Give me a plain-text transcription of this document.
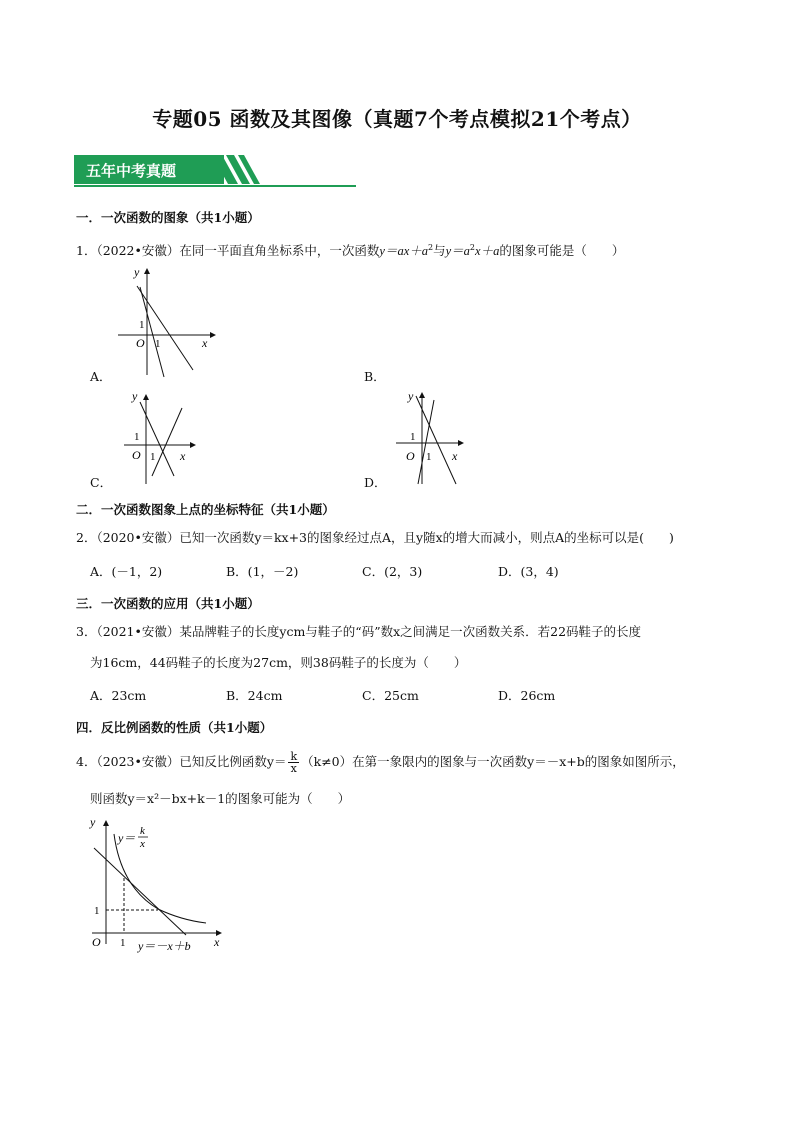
专题05 函数及其图像（真题7个考点模拟21个考点）
五年中考真题
一．一次函数的图象（共1小题）
1．（2022•安徽）在同一平面直角坐标系中，一次函数$y=ax+a^2$与$y=a^2x+a$的图象可能是（　　）
y
x
O
1
1
A．	B．
y
x
O
1
1
C．
y
x
O
1
1
D．
二．一次函数图象上点的坐标特征（共1小题）
2．（2020•安徽）已知一次函数y＝kx+3的图象经过点A，且y随x的增大而减小，则点A的坐标可以是(　　)
A．(－1，2)	B．(1，－2)	C．(2，3)	D．(3，4)
三．一次函数的应用（共1小题）
3．（2021•安徽）某品牌鞋子的长度ycm与鞋子的“码”数x之间满足一次函数关系．若22码鞋子的长度
为16cm，44码鞋子的长度为27cm，则38码鞋子的长度为（　　）
A．23cm	B．24cm	C．25cm	D．26cm
四．反比例函数的性质（共1小题）
4．（2023•安徽）已知反比例函数$y= \frac{k}{x} (k\ne 0)$在第一象限内的图象与一次函数y＝－x+b的图象如图所示，
则函数y＝x²－bx+k－1的图象可能为（　　）
y
x
O
1
1
y＝ k
x
y＝－x＋b
